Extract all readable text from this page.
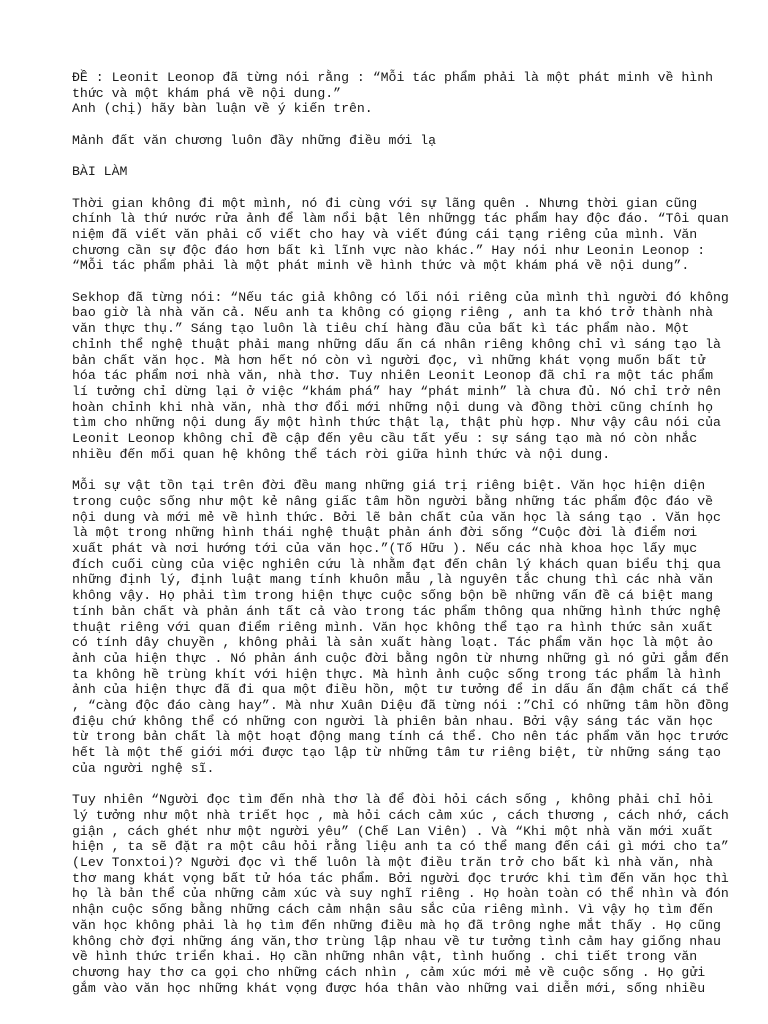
ĐỀ : Leonit Leonop đã từng nói rằng : “Mỗi tác phẩm phải là một phát minh về hình

thức và một khám phá về nội dung.”

Anh (chị) hãy bàn luận về ý kiến trên.

Mảnh đất văn chương luôn đầy những điều mới lạ

BÀI LÀM

Thời gian không đi một mình, nó đi cùng với sự lãng quên . Nhưng thời gian cũng

chính là thứ nước rửa ảnh để làm nổi bật lên nhữngg tác phẩm hay độc đáo. “Tôi quan

niệm đã viết văn phải cố viết cho hay và viết đúng cái tạng riêng của mình. Văn

chương cần sự độc đáo hơn bất kì lĩnh vực nào khác.” Hay nói như Leonin Leonop :

“Mỗi tác phẩm phải là một phát minh về hình thức và một khám phá về nội dung”.

Sekhop đã từng nói: “Nếu tác giả không có lối nói riêng của mình thì người đó không

bao giờ là nhà văn cả. Nếu anh ta không có giọng riêng , anh ta khó trở thành nhà

văn thực thụ.” Sáng tạo luôn là tiêu chí hàng đầu của bất kì tác phẩm nào. Một

chỉnh thể nghệ thuật phải mang những dấu ấn cá nhân riêng không chỉ vì sáng tạo là

bản chất văn học. Mà hơn hết nó còn vì người đọc, vì những khát vọng muốn bất tử

hóa tác phẩm nơi nhà văn, nhà thơ. Tuy nhiên Leonit Leonop đã chỉ ra một tác phẩm

lí tưởng chỉ dừng lại ở việc “khám phá” hay “phát minh” là chưa đủ. Nó chỉ trở nên

hoàn chỉnh khi nhà văn, nhà thơ đổi mới những nội dung và đồng thời cũng chính họ

tìm cho những nội dung ấy một hình thức thật lạ, thật phù hợp. Như vậy câu nói của

Leonit Leonop không chỉ đề cập đến yêu cầu tất yếu : sự sáng tạo mà nó còn nhắc

nhiều đến mối quan hệ không thể tách rời giữa hình thức và nội dung.

Mỗi sự vật tồn tại trên đời đều mang những giá trị riêng biệt. Văn học hiện diện

trong cuộc sống như một kẻ nâng giấc tâm hồn người bằng những tác phẩm độc đáo về

nội dung và mới mẻ về hình thức. Bởi lẽ bản chất của văn học là sáng tạo . Văn học

là một trong những hình thái nghệ thuật phản ánh đời sống “Cuộc đời là điểm nơi

xuất phát và nơi hướng tới của văn học.”(Tố Hữu ). Nếu các nhà khoa học lấy mục

đích cuối cùng của việc nghiên cứu là nhằm đạt đến chân lý khách quan biểu thị qua

những định lý, định luật mang tính khuôn mẫu ,là nguyên tắc chung thì các nhà văn

không vậy. Họ phải tìm trong hiện thực cuộc sống bộn bề những vấn đề cá biệt mang

tính bản chất và phản ánh tất cả vào trong tác phẩm thông qua những hình thức nghệ

thuật riêng với quan điểm riêng mình. Văn học không thể tạo ra hình thức sản xuất

có tính dây chuyền , không phải là sản xuất hàng loạt. Tác phẩm văn học là một ảo

ảnh của hiện thực . Nó phản ánh cuộc đời bằng ngôn từ nhưng những gì nó gửi gắm đến

ta không hề trùng khít với hiện thực. Mà hình ảnh cuộc sống trong tác phẩm là hình

ảnh của hiện thực đã đi qua một điều hồn, một tư tưởng để in dấu ấn đậm chất cá thể

, “càng độc đáo càng hay”. Mà như Xuân Diệu đã từng nói :”Chỉ có những tâm hồn đồng

điệu chứ không thể có những con người là phiên bản nhau. Bởi vậy sáng tác văn học

từ trong bản chất là một hoạt động mang tính cá thể. Cho nên tác phẩm văn học trước

hết là một thế giới mới được tạo lập từ những tâm tư riêng biệt, từ những sáng tạo

của người nghệ sĩ.

Tuy nhiên “Người đọc tìm đến nhà thơ là để đòi hỏi cách sống , không phải chỉ hỏi

lý tưởng như một nhà triết học , mà hỏi cách cảm xúc , cách thương , cách nhớ, cách

giận , cách ghét như một người yêu” (Chế Lan Viên) . Và “Khi một nhà văn mới xuất

hiện , ta sẽ đặt ra một câu hỏi rằng liệu anh ta có thể mang đến cái gì mới cho ta”

(Lev Tonxtoi)? Người đọc vì thế luôn là một điều trăn trở cho bất kì nhà văn, nhà

thơ mang khát vọng bất tử hóa tác phẩm. Bởi người đọc trước khi tìm đến văn học thì

họ là bản thể của những cảm xúc và suy nghĩ riêng . Họ hoàn toàn có thể nhìn và đón

nhận cuộc sống bằng những cách cảm nhận sâu sắc của riêng mình. Vì vậy họ tìm đến

văn học không phải là họ tìm đến những điều mà họ đã trông nghe mắt thấy . Họ cũng

không chờ đợi những áng văn,thơ trùng lập nhau về tư tưởng tình cảm hay giống nhau

về hình thức triển khai. Họ cần những nhân vật, tình huống . chi tiết trong văn

chương hay thơ ca gọi cho những cách nhìn , cảm xúc mới mẻ về cuộc sống . Họ gửi

gắm vào văn học những khát vọng được hóa thân vào những vai diễn mới, sống nhiều
